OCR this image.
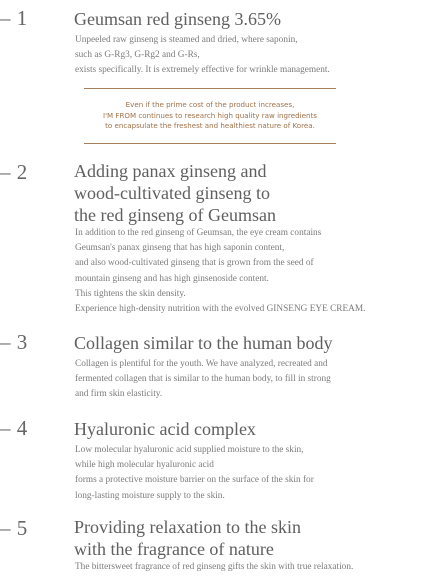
– 1	Geumsan red ginseng 3.65%
Unpeeled raw ginseng is steamed and dried, where saponin,
such as G-Rg3, G-Rg2 and G-Rs,
exists specifically. It is extremely effective for wrinkle management.
Even if the prime cost of the product increases,
I'M FROM continues to research high quality raw ingredients
to encapsulate the freshest and healthiest nature of Korea.
– 2	Adding panax ginseng and
wood-cultivated ginseng to
the red ginseng of Geumsan
In addition to the red ginseng of Geumsan, the eye cream contains
Geumsan's panax ginseng that has high saponin content,
and also wood-cultivated ginseng that is grown from the seed of
mountain ginseng and has high ginsenoside content.
This tightens the skin density.
Experience high-density nutrition with the evolved GINSENG EYE CREAM.
– 3	Collagen similar to the human body
Collagen is plentiful for the youth. We have analyzed, recreated and
fermented collagen that is similar to the human body, to fill in strong
and firm skin elasticity.
– 4	Hyaluronic acid complex
Low molecular hyaluronic acid supplied moisture to the skin,
while high molecular hyaluronic acid
forms a protective moisture barrier on the surface of the skin for
long-lasting moisture supply to the skin.
– 5	Providing relaxation to the skin
with the fragrance of nature
The bittersweet fragrance of red ginseng gifts the skin with true relaxation.
